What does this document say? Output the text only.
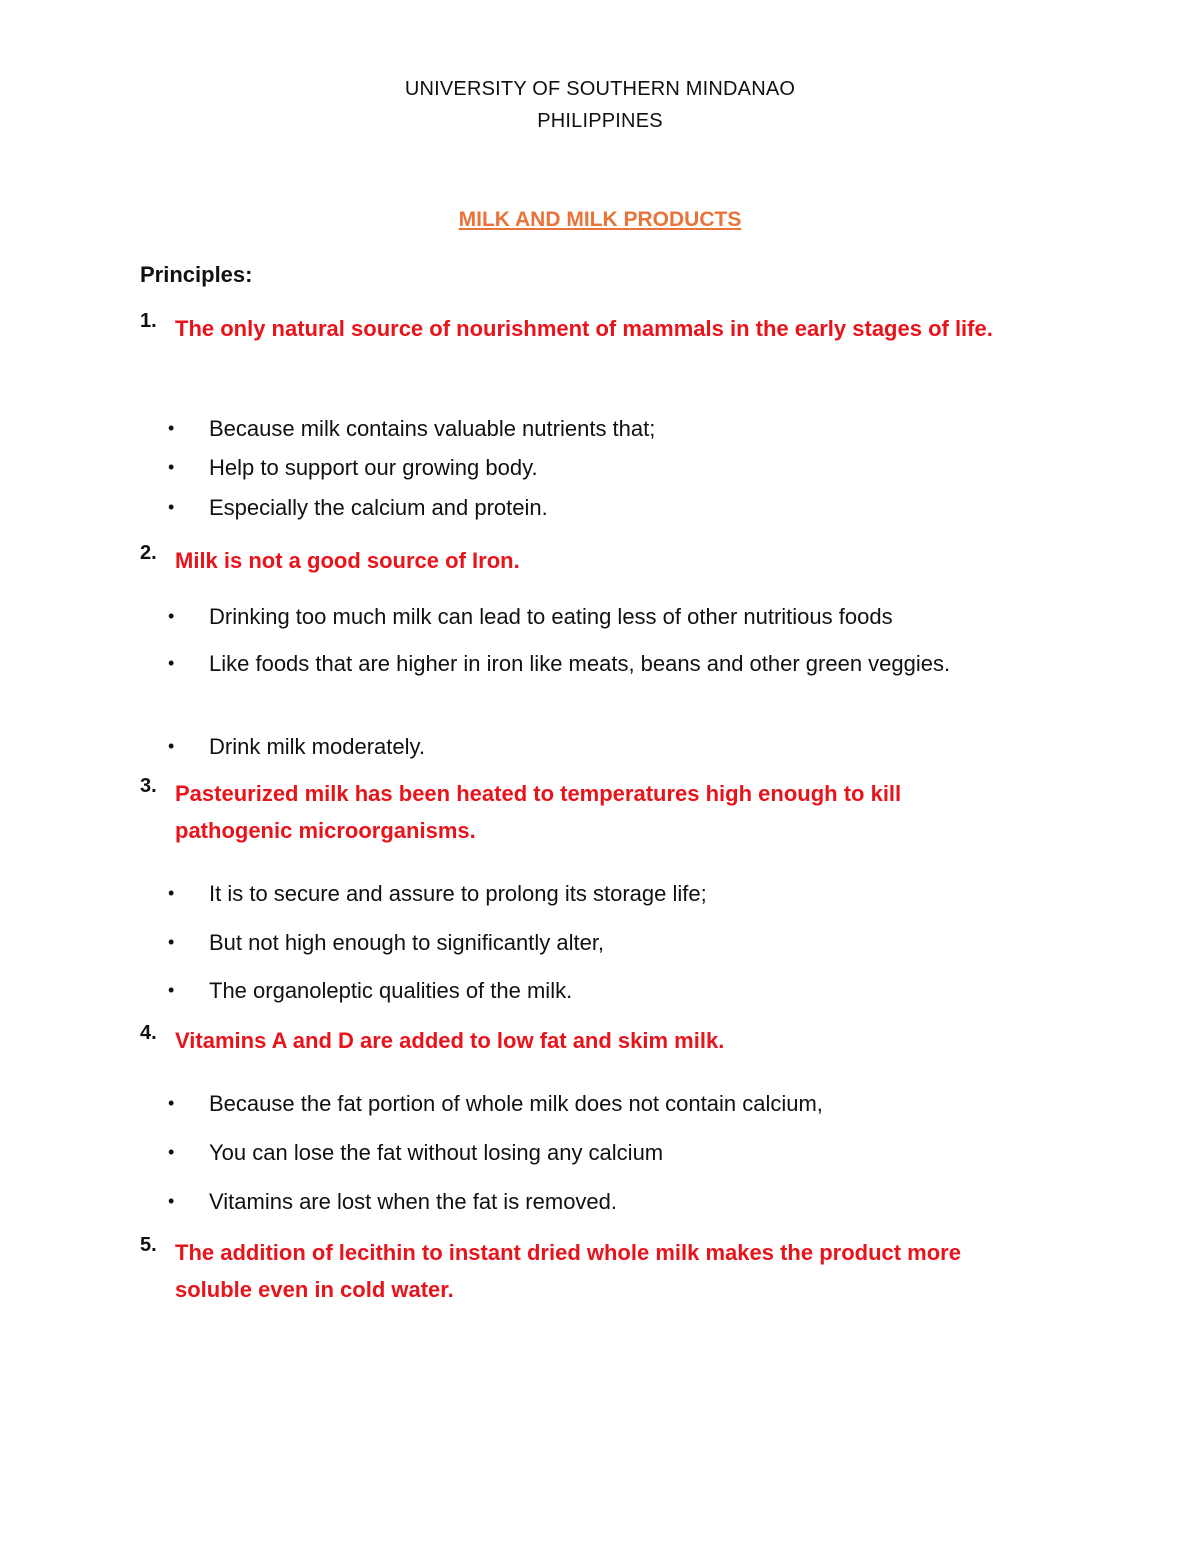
UNIVERSITY OF SOUTHERN MINDANAO
PHILIPPINES
MILK AND MILK PRODUCTS
Principles:
1. The only natural source of nourishment of mammals in the early stages of life.
• Because milk contains valuable nutrients that;
• Help to support our growing body.
• Especially the calcium and protein.
2. Milk is not a good source of Iron.
• Drinking too much milk can lead to eating less of other nutritious foods
• Like foods that are higher in iron like meats, beans and other green veggies.
• Drink milk moderately.
3. Pasteurized milk has been heated to temperatures high enough to kill pathogenic microorganisms.
• It is to secure and assure to prolong its storage life;
• But not high enough to significantly alter,
• The organoleptic qualities of the milk.
4. Vitamins A and D are added to low fat and skim milk.
• Because the fat portion of whole milk does not contain calcium,
• You can lose the fat without losing any calcium
• Vitamins are lost when the fat is removed.
5. The addition of lecithin to instant dried whole milk makes the product more soluble even in cold water.
